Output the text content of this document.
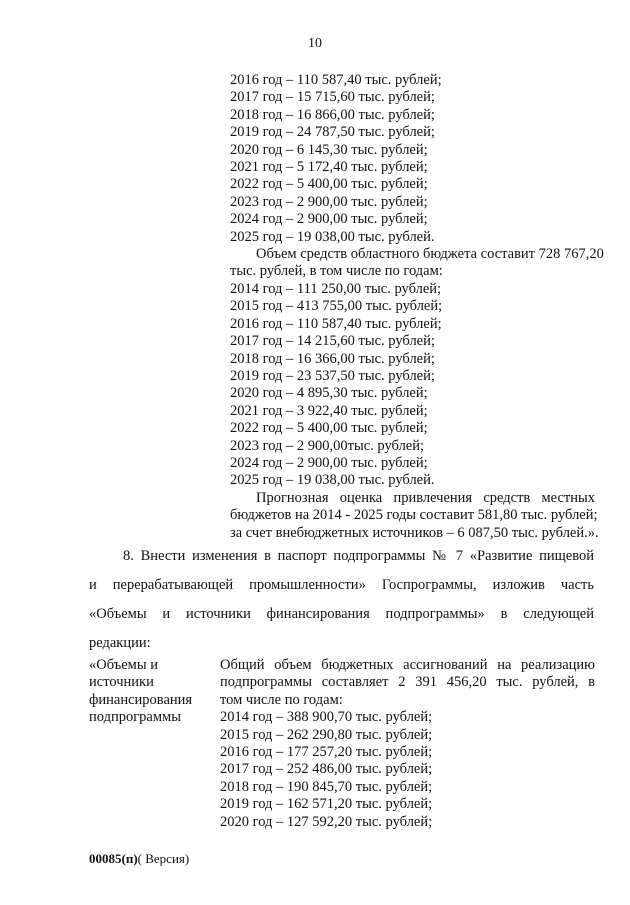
10
2016 год – 110 587,40 тыс. рублей;
2017 год – 15 715,60 тыс. рублей;
2018 год – 16 866,00 тыс. рублей;
2019 год – 24 787,50 тыс. рублей;
2020 год – 6 145,30 тыс. рублей;
2021 год – 5 172,40 тыс. рублей;
2022 год – 5 400,00 тыс. рублей;
2023 год – 2 900,00 тыс. рублей;
2024 год – 2 900,00 тыс. рублей;
2025 год – 19 038,00 тыс. рублей.
Объем средств областного бюджета составит 728 767,20
тыс. рублей, в том числе по годам:
2014 год – 111 250,00 тыс. рублей;
2015 год – 413 755,00 тыс. рублей;
2016 год – 110 587,40 тыс. рублей;
2017 год – 14 215,60 тыс. рублей;
2018 год – 16 366,00 тыс. рублей;
2019 год – 23 537,50 тыс. рублей;
2020 год – 4 895,30 тыс. рублей;
2021 год – 3 922,40 тыс. рублей;
2022 год – 5 400,00 тыс. рублей;
2023 год – 2 900,00тыс. рублей;
2024 год – 2 900,00 тыс. рублей;
2025 год – 19 038,00 тыс. рублей.
Прогнозная оценка привлечения средств местных
бюджетов на 2014 - 2025 годы составит 581,80 тыс. рублей;
за счет внебюджетных источников – 6 087,50 тыс. рублей.».
8. Внести изменения в паспорт подпрограммы № 7 «Развитие пищевой
и перерабатывающей промышленности» Госпрограммы, изложив часть
«Объемы и источники финансирования подпрограммы» в следующей
редакции:
«Объемы и
источники
финансирования
подпрограммы
Общий объем бюджетных ассигнований на реализацию
подпрограммы составляет 2 391 456,20 тыс. рублей, в
том числе по годам:
2014 год – 388 900,70 тыс. рублей;
2015 год – 262 290,80 тыс. рублей;
2016 год – 177 257,20 тыс. рублей;
2017 год – 252 486,00 тыс. рублей;
2018 год – 190 845,70 тыс. рублей;
2019 год – 162 571,20 тыс. рублей;
2020 год – 127 592,20 тыс. рублей;
00085(п)( Версия)
